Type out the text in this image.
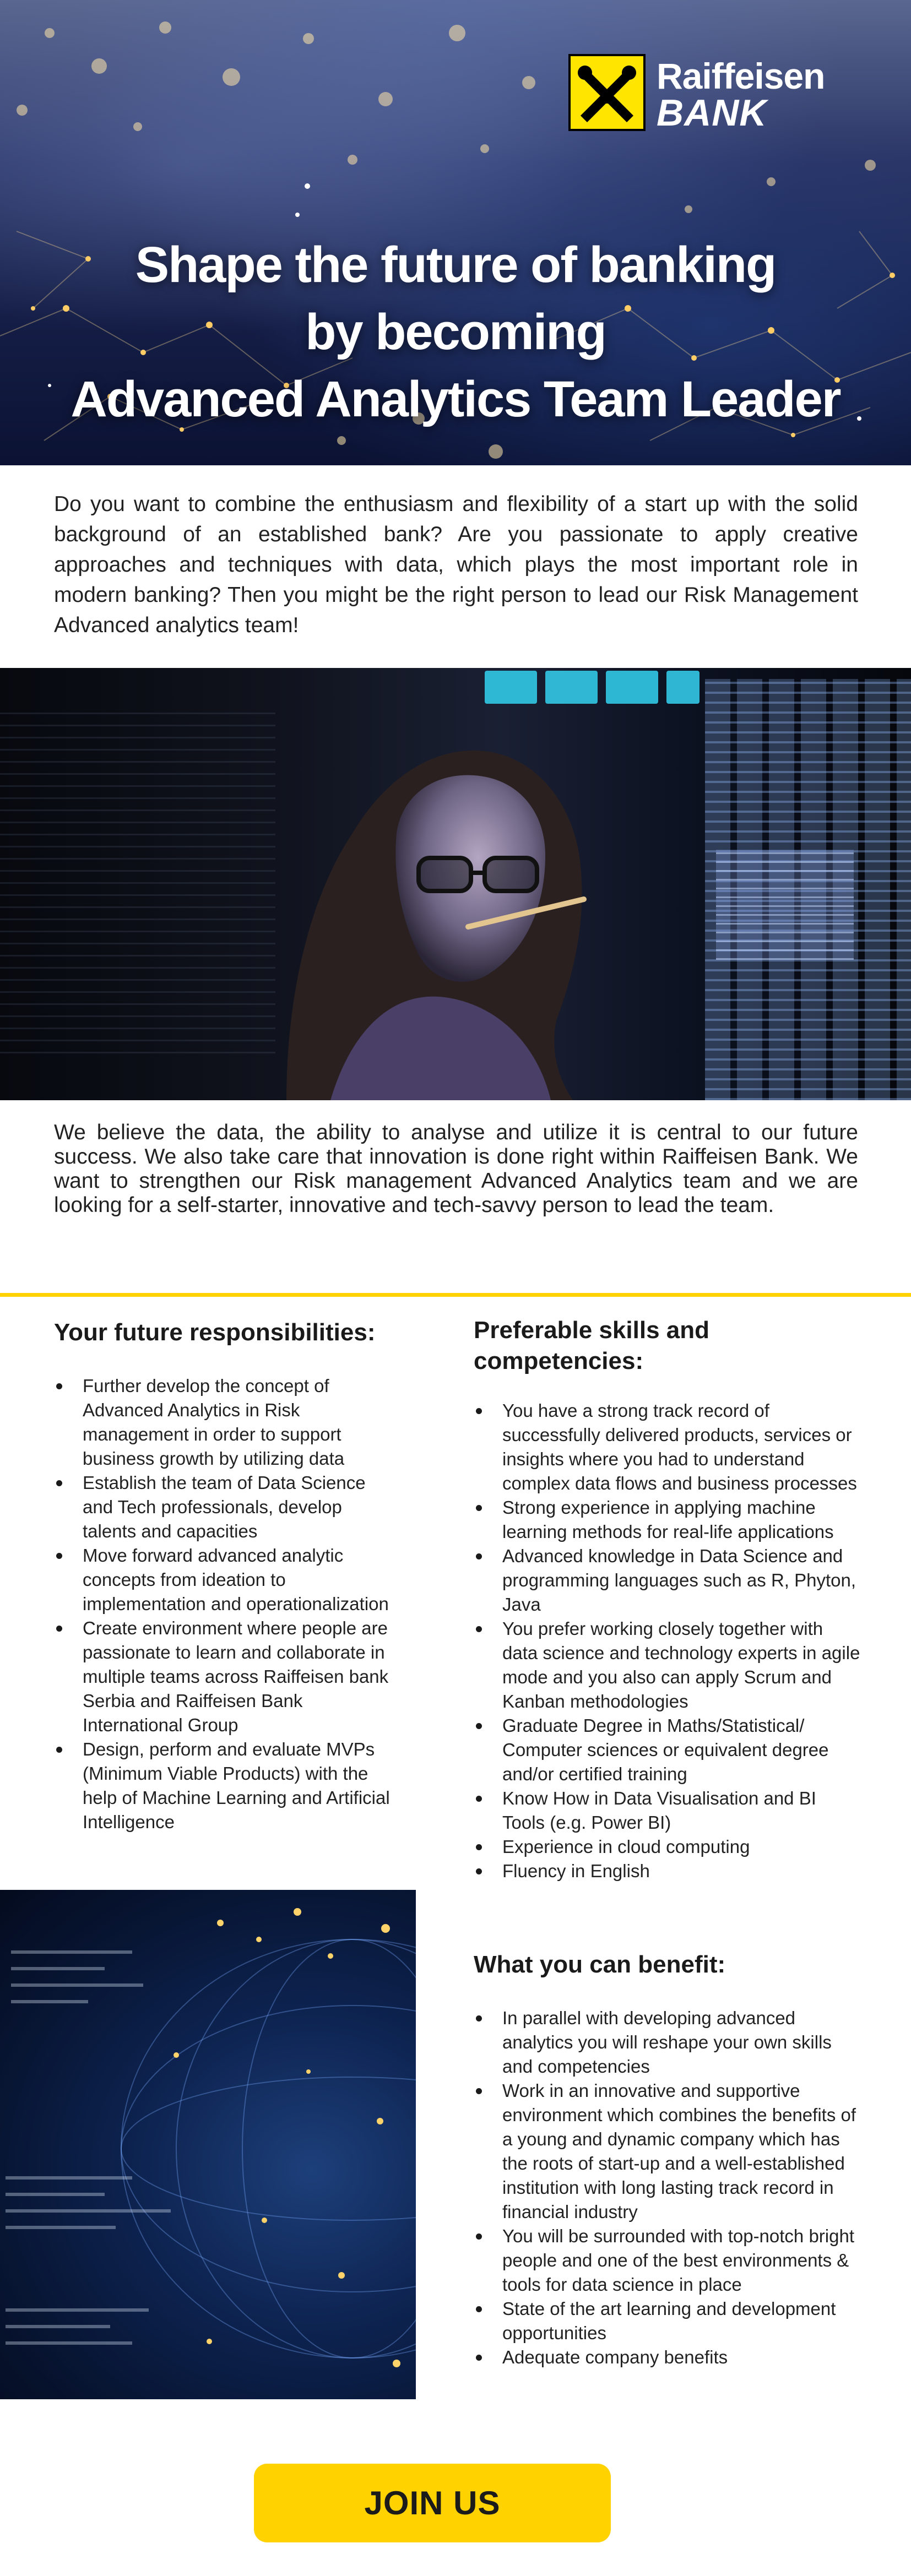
Raiffeisen
BANK
Shape the future of banking
by becoming
Advanced Analytics Team Leader

Do you want to combine the enthusiasm and flexibility of a start up with the solid background of an established bank? Are you passionate to apply creative approaches and techniques with data, which plays the most important role in modern banking? Then you might be the right person to lead our Risk Management Advanced analytics team!

We believe the data, the ability to analyse and utilize it is central to our future success. We also take care that innovation is done right within Raiffeisen Bank. We want to strengthen our Risk management Advanced Analytics team and we are looking for a self-starter, innovative and tech-savvy person to lead the team.

Your future responsibilities:
Further develop the concept of Advanced Analytics in Risk management in order to support business growth by utilizing data
Establish the team of Data Science and Tech professionals, develop talents and capacities
Move forward advanced analytic concepts from ideation to implementation and operationalization
Create environment where people are passionate to learn and collaborate in multiple teams across Raiffeisen bank Serbia and Raiffeisen Bank International Group
Design, perform and evaluate MVPs (Minimum Viable Products) with the help of Machine Learning and Artificial Intelligence
Preferable skills and
competencies:
You have a strong track record of successfully delivered products, services or insights where you had to understand complex data flows and business processes
Strong experience in applying machine learning methods for real-life applications
Advanced knowledge in Data Science and programming languages such as R, Phyton, Java
You prefer working closely together with data science and technology experts in agile mode and you also can apply Scrum and Kanban methodologies
Graduate Degree in Maths/Statistical/ Computer sciences or equivalent degree and/or certified training
Know How in Data Visualisation and BI Tools (e.g. Power BI)
Experience in cloud computing
Fluency in English
What you can benefit:
In parallel with developing advanced analytics you will reshape your own skills and competencies
Work in an innovative and supportive environment which combines the benefits of a young and dynamic company which has the roots of start-up and a well-established institution with long lasting track record in financial industry
You will be surrounded with top-notch bright people and one of the best environments & tools for data science in place
State of the art learning and development opportunities
Adequate company benefits
JOIN US
